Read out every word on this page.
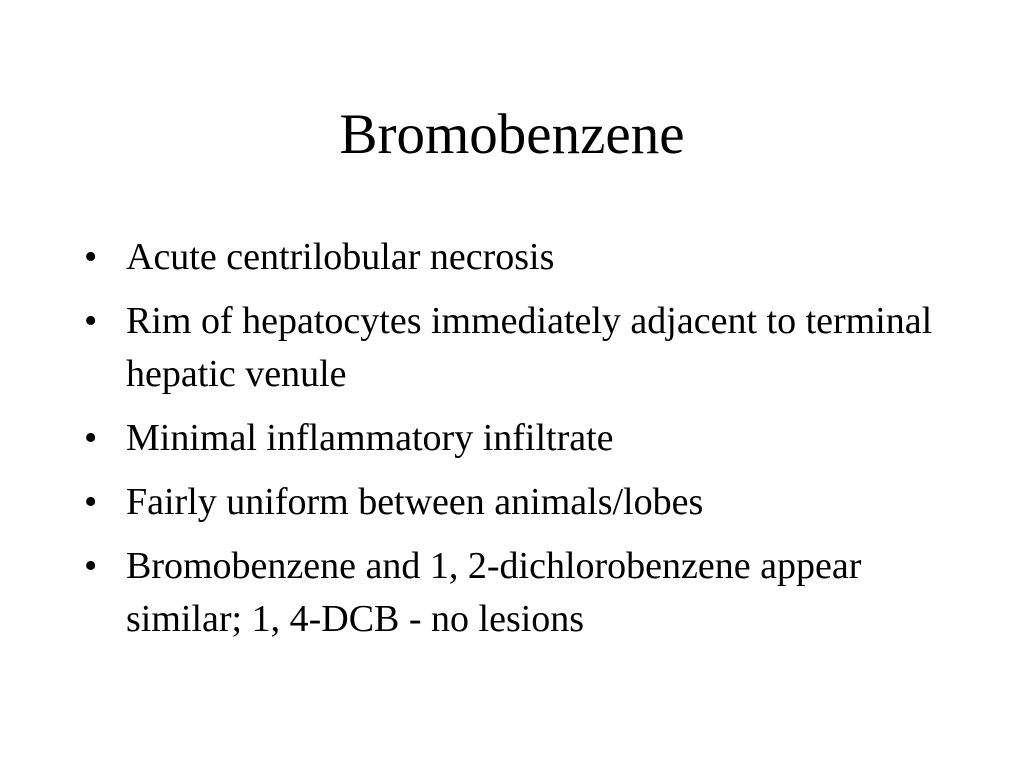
Bromobenzene
• Acute centrilobular necrosis
• Rim of hepatocytes immediately adjacent to terminal hepatic venule
• Minimal inflammatory infiltrate
• Fairly uniform between animals/lobes
• Bromobenzene and 1, 2-dichlorobenzene appear similar; 1, 4-DCB - no lesions
